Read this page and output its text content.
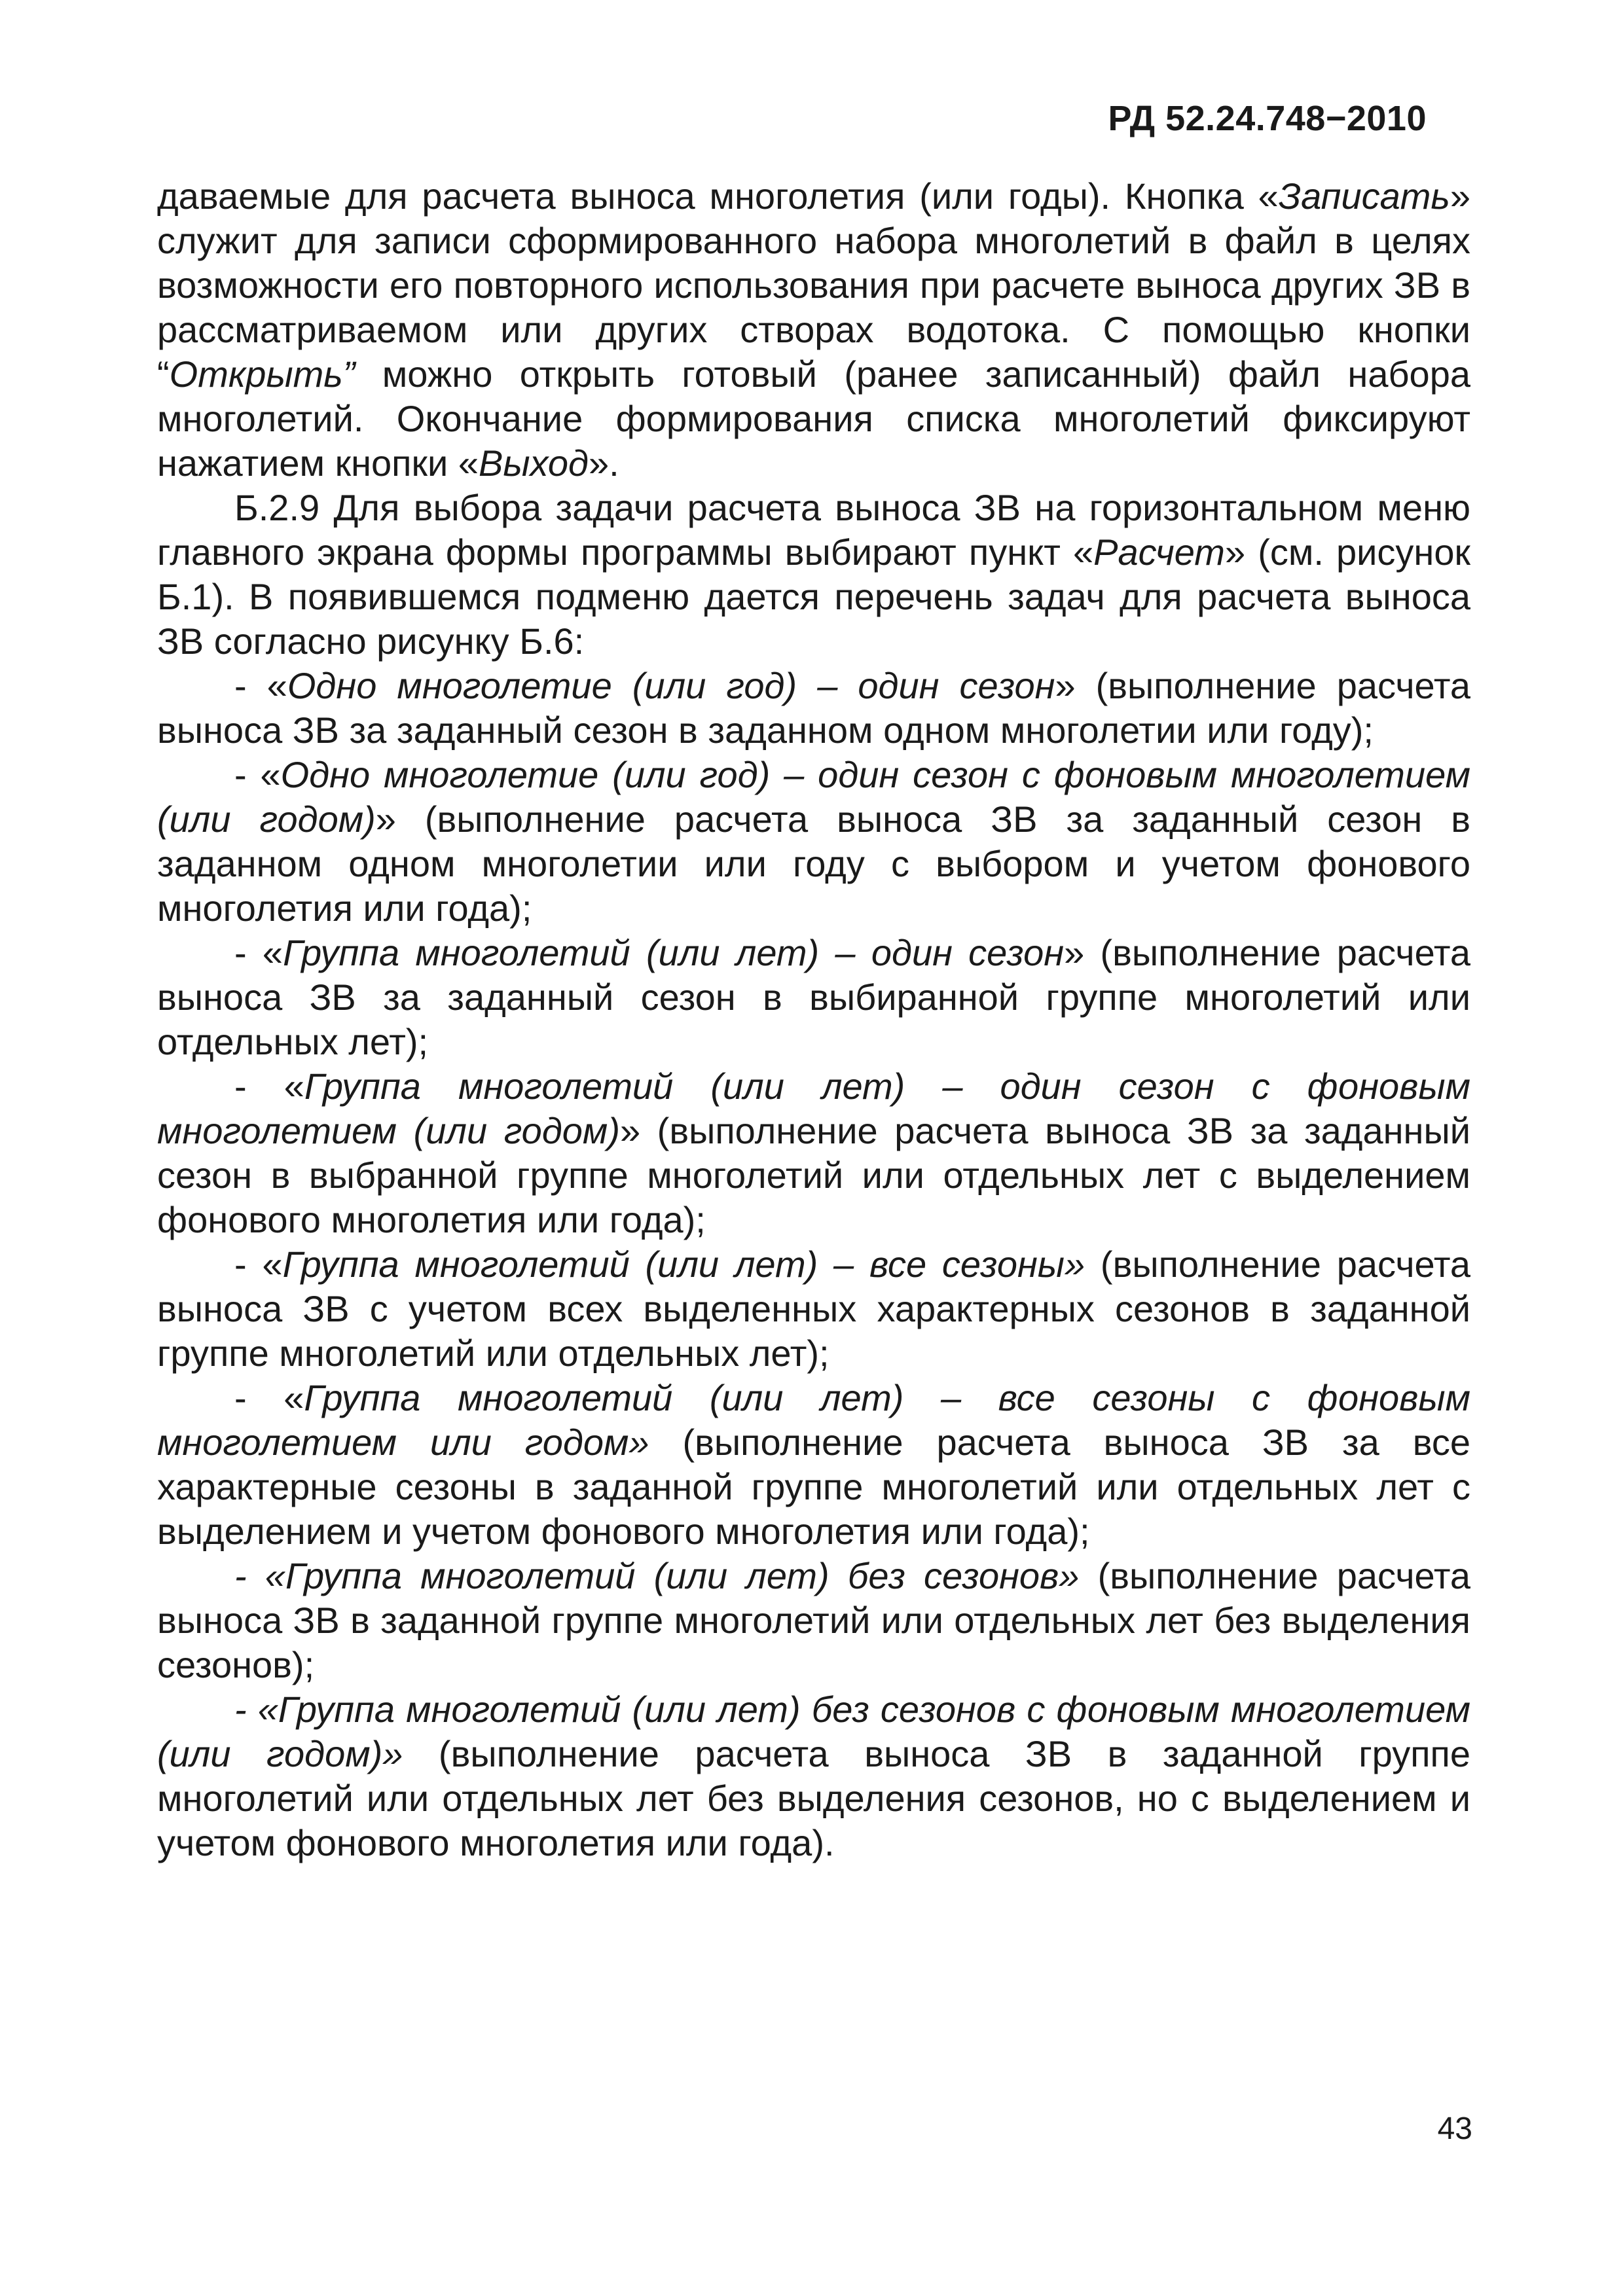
РД 52.24.748−2010

даваемые для расчета выноса многолетия (или годы). Кнопка «Записать» служит для записи сформированного набора многолетий в файл в целях возможности его повторного использования при расчете выноса других ЗВ в рассматриваемом или других створах водотока. С помощью кнопки “Открыть” можно открыть готовый (ранее записанный) файл набора многолетий. Окончание формирования списка многолетий фиксируют нажатием кнопки «Выход».

Б.2.9 Для выбора задачи расчета выноса ЗВ на горизонтальном меню главного экрана формы программы выбирают пункт «Расчет» (см. рисунок Б.1). В появившемся подменю дается перечень задач для расчета выноса ЗВ согласно рисунку Б.6:

- «Одно многолетие (или год) – один сезон» (выполнение расчета выноса ЗВ за заданный сезон в заданном одном многолетии или году);

- «Одно многолетие (или год) – один сезон с фоновым многолетием (или годом)» (выполнение расчета выноса ЗВ за заданный сезон в заданном одном многолетии или году с выбором и учетом фонового многолетия или года);

- «Группа многолетий (или лет) – один сезон» (выполнение расчета выноса ЗВ за заданный сезон в выбиранной группе многолетий или отдельных лет);

- «Группа многолетий (или лет) – один сезон с фоновым многолетием (или годом)» (выполнение расчета выноса ЗВ за заданный сезон в выбранной группе многолетий или отдельных лет с выделением фонового многолетия или года);

- «Группа многолетий (или лет) – все сезоны» (выполнение расчета выноса ЗВ с учетом всех выделенных характерных сезонов в заданной группе многолетий или отдельных лет);

- «Группа многолетий (или лет) – все сезоны с фоновым многолетием или годом» (выполнение расчета выноса ЗВ за все характерные сезоны в заданной группе многолетий или отдельных лет с выделением и учетом фонового многолетия или года);

- «Группа многолетий (или лет) без сезонов» (выполнение расчета выноса ЗВ в заданной группе многолетий или отдельных лет без выделения сезонов);

- «Группа многолетий (или лет) без сезонов с фоновым многолетием (или годом)» (выполнение расчета выноса ЗВ в заданной группе многолетий или отдельных лет без выделения сезонов, но с выделением и учетом фонового многолетия или года).

43
